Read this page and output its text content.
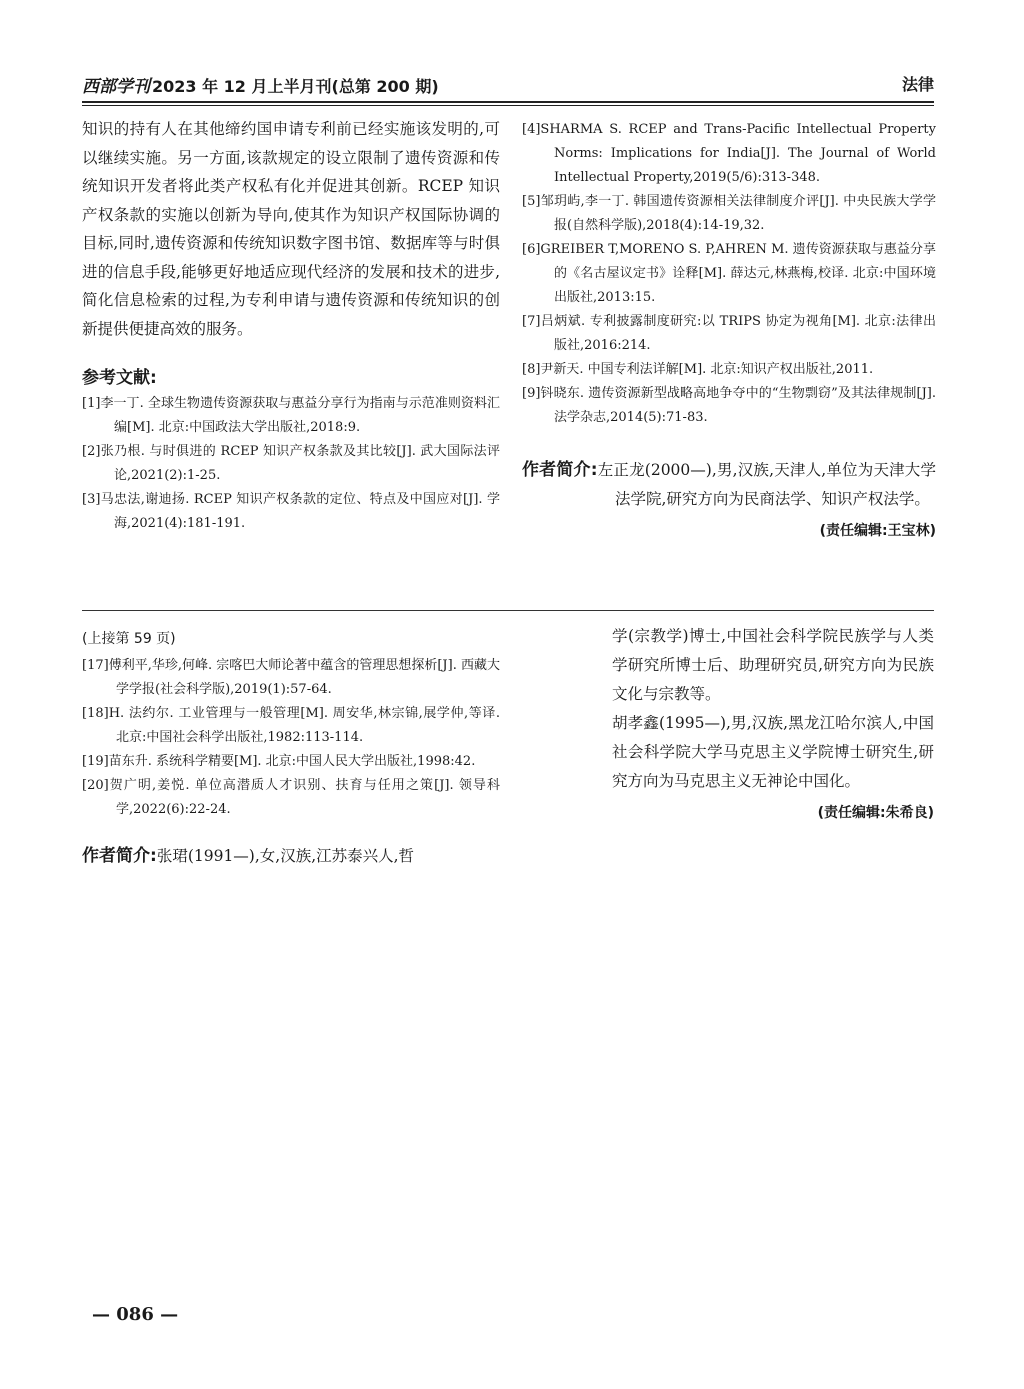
西部学刊 2023 年 12 月上半月刊(总第 200 期)	法律

知识的持有人在其他缔约国申请专利前已经实施该发明的,可以继续实施。另一方面,该款规定的设立限制了遗传资源和传统知识开发者将此类产权私有化并促进其创新。RCEP 知识产权条款的实施以创新为导向,使其作为知识产权国际协调的目标,同时,遗传资源和传统知识数字图书馆、数据库等与时俱进的信息手段,能够更好地适应现代经济的发展和技术的进步,简化信息检索的过程,为专利申请与遗传资源和传统知识的创新提供便捷高效的服务。

参考文献:
[1]李一丁. 全球生物遗传资源获取与惠益分享行为指南与示范准则资料汇编[M]. 北京:中国政法大学出版社,2018:9.
[2]张乃根. 与时俱进的 RCEP 知识产权条款及其比较[J]. 武大国际法评论,2021(2):1-25.
[3]马忠法,谢迪扬. RCEP 知识产权条款的定位、特点及中国应对[J]. 学海,2021(4):181-191.
[4]SHARMA S. RCEP and Trans-Pacific Intellectual Property Norms: Implications for India[J]. The Journal of World Intellectual Property,2019(5/6):313-348.
[5]邹玥屿,李一丁. 韩国遗传资源相关法律制度介评[J]. 中央民族大学学报(自然科学版),2018(4):14-19,32.
[6]GREIBER T,MORENO S. P,AHREN M. 遗传资源获取与惠益分享的《名古屋议定书》诠释[M]. 薛达元,林燕梅,校译. 北京:中国环境出版社,2013:15.
[7]吕炳斌. 专利披露制度研究:以 TRIPS 协定为视角[M]. 北京:法律出版社,2016:214.
[8]尹新天. 中国专利法详解[M]. 北京:知识产权出版社,2011.
[9]钭晓东. 遗传资源新型战略高地争夺中的“生物剽窃”及其法律规制[J]. 法学杂志,2014(5):71-83.
作者简介:左正龙(2000—),男,汉族,天津人,单位为天津大学法学院,研究方向为民商法学、知识产权法学。
(责任编辑:王宝林)
(上接第 59 页)
[17]傅利平,华珍,何峰. 宗喀巴大师论著中蕴含的管理思想探析[J]. 西藏大学学报(社会科学版),2019(1):57-64.
[18]H. 法约尔. 工业管理与一般管理[M]. 周安华,林宗锦,展学仲,等译. 北京:中国社会科学出版社,1982:113-114.
[19]苗东升. 系统科学精要[M]. 北京:中国人民大学出版社,1998:42.
[20]贺广明,姜悦. 单位高潜质人才识别、扶育与任用之策[J]. 领导科学,2022(6):22-24.
作者简介:张珺(1991—),女,汉族,江苏泰兴人,哲

学(宗教学)博士,中国社会科学院民族学与人类学研究所博士后、助理研究员,研究方向为民族文化与宗教等。

胡孝鑫(1995—),男,汉族,黑龙江哈尔滨人,中国社会科学院大学马克思主义学院博士研究生,研究方向为马克思主义无神论中国化。

(责任编辑:朱希良)
— 086 —
